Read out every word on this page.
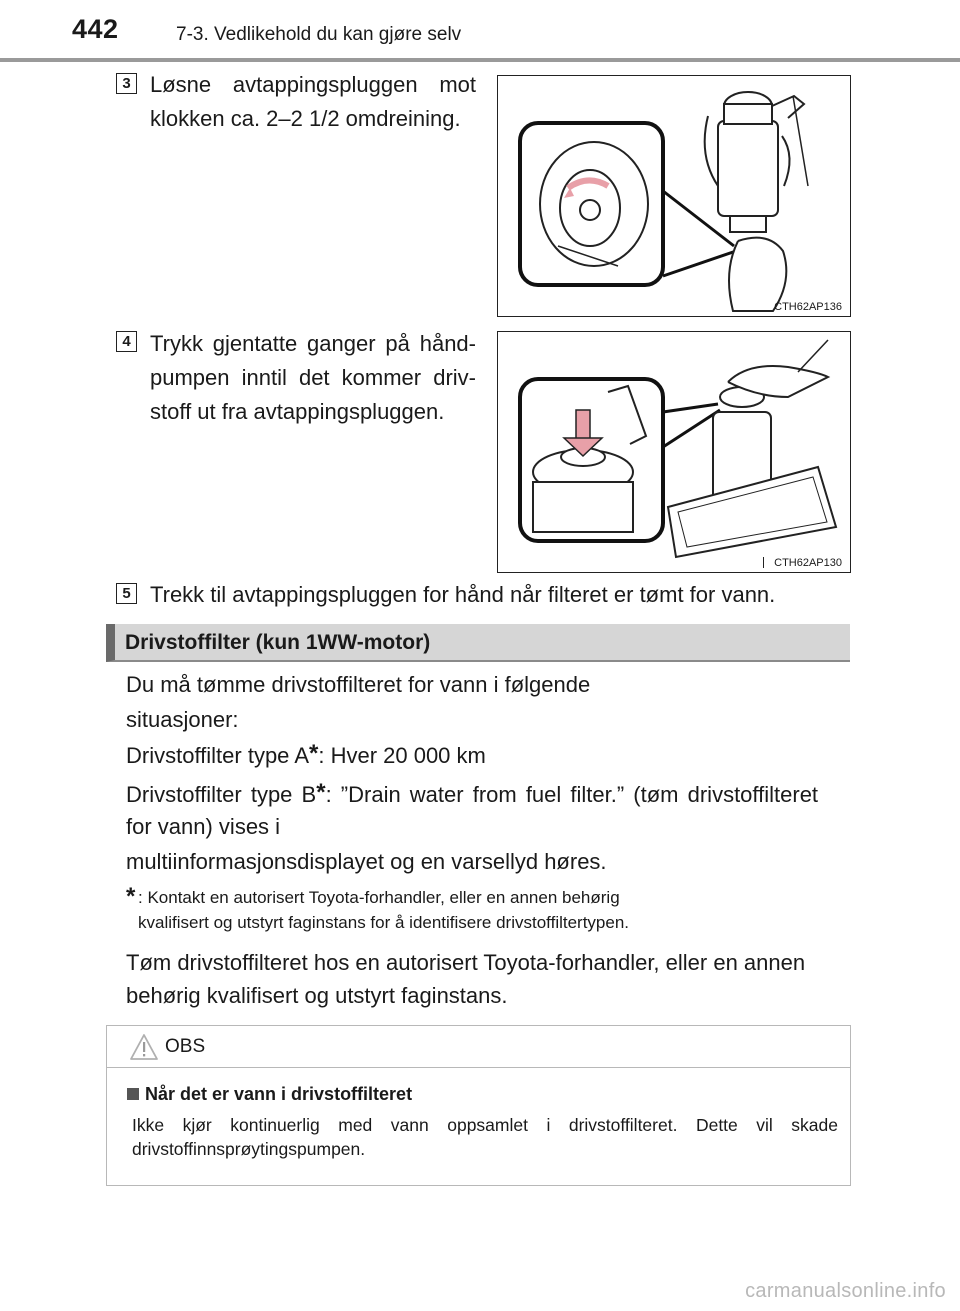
442	7-3. Vedlikehold du kan gjøre selv
3 Løsne avtappingspluggen mot klokken ca. 2–2 1/2 omdreining.
CTH62AP136
4 Trykk gjentatte ganger på hånd-pumpen inntil det kommer driv-stoff ut fra avtappingspluggen.
CTH62AP130
5 Trekk til avtappingspluggen for hånd når filteret er tømt for vann.
Drivstoffilter (kun 1WW-motor)
Du må tømme drivstoffilteret for vann i følgende
situasjoner:
Drivstoffilter type A*: Hver 20 000 km
Drivstoffilter type B*: ”Drain water from fuel filter.” (tøm drivstoffilteret
for vann) vises i
multiinformasjonsdisplayet og en varsellyd høres.
* : Kontakt en autorisert Toyota-forhandler, eller en annen behørig
kvalifisert og utstyrt faginstans for å identifisere drivstoffiltertypen.
Tøm drivstoffilteret hos en autorisert Toyota-forhandler, eller en annen
behørig kvalifisert og utstyrt faginstans.
OBS
Når det er vann i drivstoffilteret
Ikke kjør kontinuerlig med vann oppsamlet i drivstoffilteret. Dette vil skade drivstoffinnsprøytingspumpen.
carmanualsonline.info
